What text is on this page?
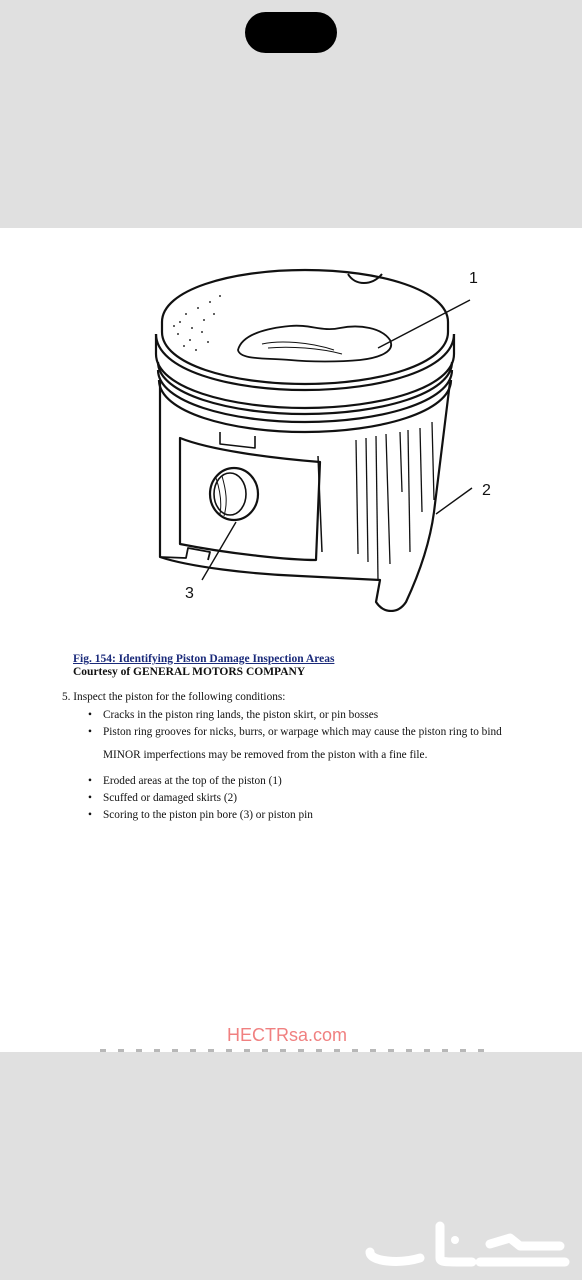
1
2
3
Fig. 154: Identifying Piston Damage Inspection Areas
Courtesy of GENERAL MOTORS COMPANY
5. Inspect the piston for the following conditions:
• Cracks in the piston ring lands, the piston skirt, or pin bosses
• Piston ring grooves for nicks, burrs, or warpage which may cause the piston ring to bind
MINOR imperfections may be removed from the piston with a fine file.
• Eroded areas at the top of the piston (1)
• Scuffed or damaged skirts (2)
• Scoring to the piston pin bore (3) or piston pin
HECTRsa.com
